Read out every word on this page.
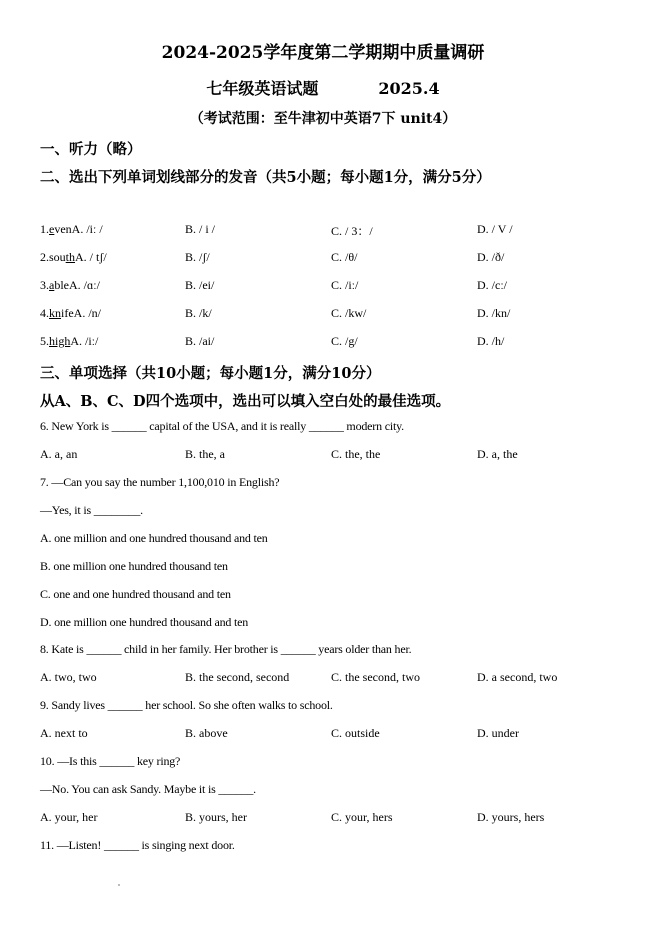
2024-2025学年度第二学期期中质量调研
七年级英语试题	2025.4
（考试范围：至牛津初中英语7下 unit4）
一、听力（略）
二、选出下列单词划线部分的发音（共5小题；每小题1分，满分5分）
1.evenA. /iː /	B. / i /	C. / 3：/	D. / V /
2.southA. / tʃ/	B. /ʃ/	C. /θ/	D. /ð/
3.ableA. /ɑː/	B. /ei/	C. /iː/	D. /cː/
4.knifeA. /n/	B. /k/	C. /kw/	D. /kn/
5.highA. /iː/	B. /ai/	C. /g/	D. /h/
三、单项选择（共10小题；每小题1分，满分10分）
从A、B、C、D四个选项中，选出可以填入空白处的最佳选项。
6. New York is ______ capital of the USA, and it is really ______ modern city.
A. a, an	B. the, a	C. the, the	D. a, the
7. —Can you say the number 1,100,010 in English?
—Yes, it is ________.
A. one million and one hundred thousand and ten
B. one million one hundred thousand ten
C. one and one hundred thousand and ten
D. one million one hundred thousand and ten
8. Kate is ______ child in her family. Her brother is ______ years older than her.
A. two, two	B. the second, second	C. the second, two	D. a second, two
9. Sandy lives ______ her school. So she often walks to school.
A. next to	B. above	C. outside	D. under
10. —Is this ______ key ring?
—No. You can ask Sandy. Maybe it is ______.
A. your, her	B. yours, her	C. your, hers	D. yours, hers
11. —Listen! ______ is singing next door.
